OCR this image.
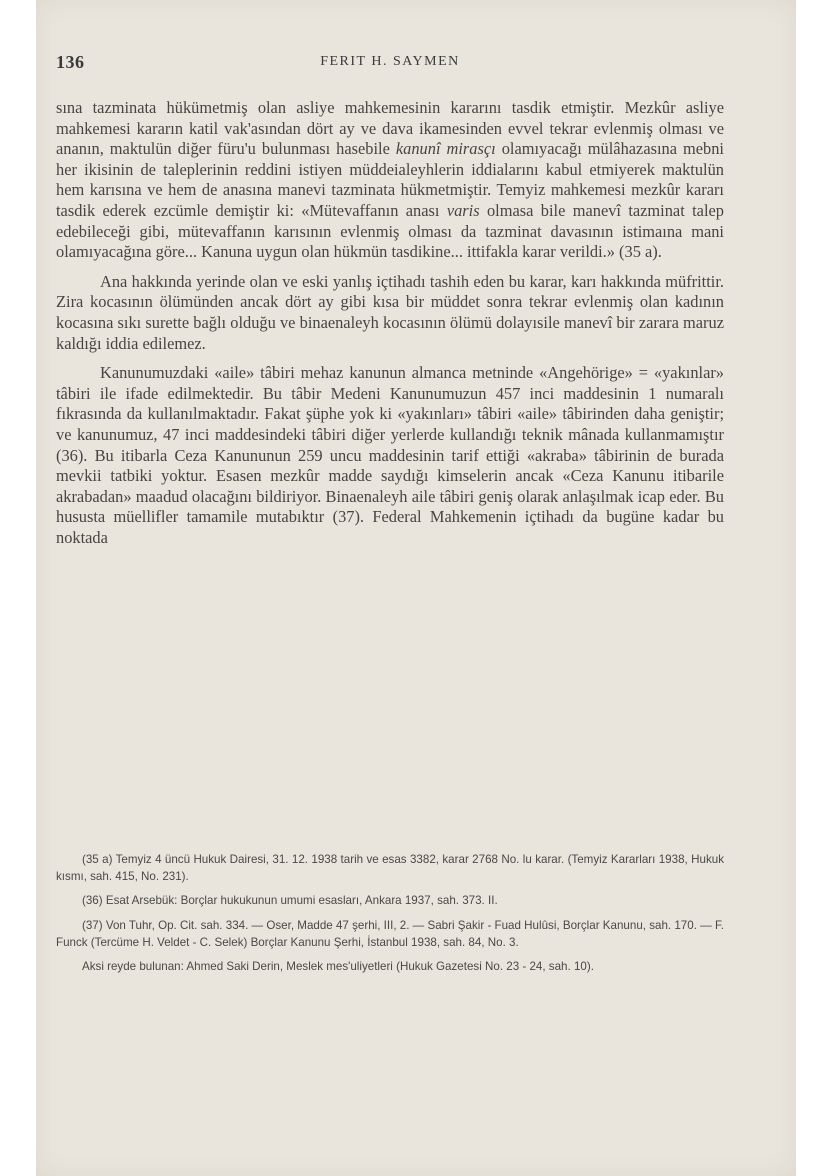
136	FERIT H. SAYMEN

sına tazminata hükümetmiş olan asliye mahkemesinin kararını tasdik etmiştir. Mezkûr asliye mahkemesi kararın katil vak'asından dört ay ve dava ikamesinden evvel tekrar evlenmiş olması ve ananın, maktulün diğer füru'u bulunması hasebile kanunî mirasçı olamıyacağı mülâhazasına mebni her ikisinin de taleplerinin reddini istiyen müddeialeyhlerin iddialarını kabul etmiyerek maktulün hem karısına ve hem de anasına manevi tazminata hükmetmiştir. Temyiz mahkemesi mezkûr kararı tasdik ederek ezcümle demiştir ki: «Mütevaffanın anası varis olmasa bile manevî tazminat talep edebileceği gibi, mütevaffanın karısının evlenmiş olması da tazminat davasının istimaına mani olamıyacağına göre... Kanuna uygun olan hükmün tasdikine... ittifakla karar verildi.» (35 a).

Ana hakkında yerinde olan ve eski yanlış içtihadı tashih eden bu karar, karı hakkında müfrittir. Zira kocasının ölümünden ancak dört ay gibi kısa bir müddet sonra tekrar evlenmiş olan kadının kocasına sıkı surette bağlı olduğu ve binaenaleyh kocasının ölümü dolayısile manevî bir zarara maruz kaldığı iddia edilemez.

Kanunumuzdaki «aile» tâbiri mehaz kanunun almanca metninde «Angehörige» = «yakınlar» tâbiri ile ifade edilmektedir. Bu tâbir Medeni Kanunumuzun 457 inci maddesinin 1 numaralı fıkrasında da kullanılmaktadır. Fakat şüphe yok ki «yakınları» tâbiri «aile» tâbirinden daha geniştir; ve kanunumuz, 47 inci maddesindeki tâbiri diğer yerlerde kullandığı teknik mânada kullanmamıştır (36). Bu itibarla Ceza Kanununun 259 uncu maddesinin tarif ettiği «akraba» tâbirinin de burada mevkii tatbiki yoktur. Esasen mezkûr madde saydığı kimselerin ancak «Ceza Kanunu itibarile akrabadan» maadud olacağını bildiriyor. Binaenaleyh aile tâbiri geniş olarak anlaşılmak icap eder. Bu hususta müellifler tamamile mutabıktır (37). Federal Mahkemenin içtihadı da bugüne kadar bu noktada

(35 a) Temyiz 4 üncü Hukuk Dairesi, 31. 12. 1938 tarih ve esas 3382, karar 2768 No. lu karar. (Temyiz Kararları 1938, Hukuk kısmı, sah. 415, No. 231).

(36) Esat Arsebük: Borçlar hukukunun umumi esasları, Ankara 1937, sah. 373. II.

(37) Von Tuhr, Op. Cit. sah. 334. — Oser, Madde 47 şerhi, III, 2. — Sabri Şakir - Fuad Hulûsi, Borçlar Kanunu, sah. 170. — F. Funck (Tercüme H. Veldet - C. Selek) Borçlar Kanunu Şerhi, İstanbul 1938, sah. 84, No. 3.

Aksi reyde bulunan: Ahmed Saki Derin, Meslek mes'uliyetleri (Hukuk Gazetesi No. 23 - 24, sah. 10).
